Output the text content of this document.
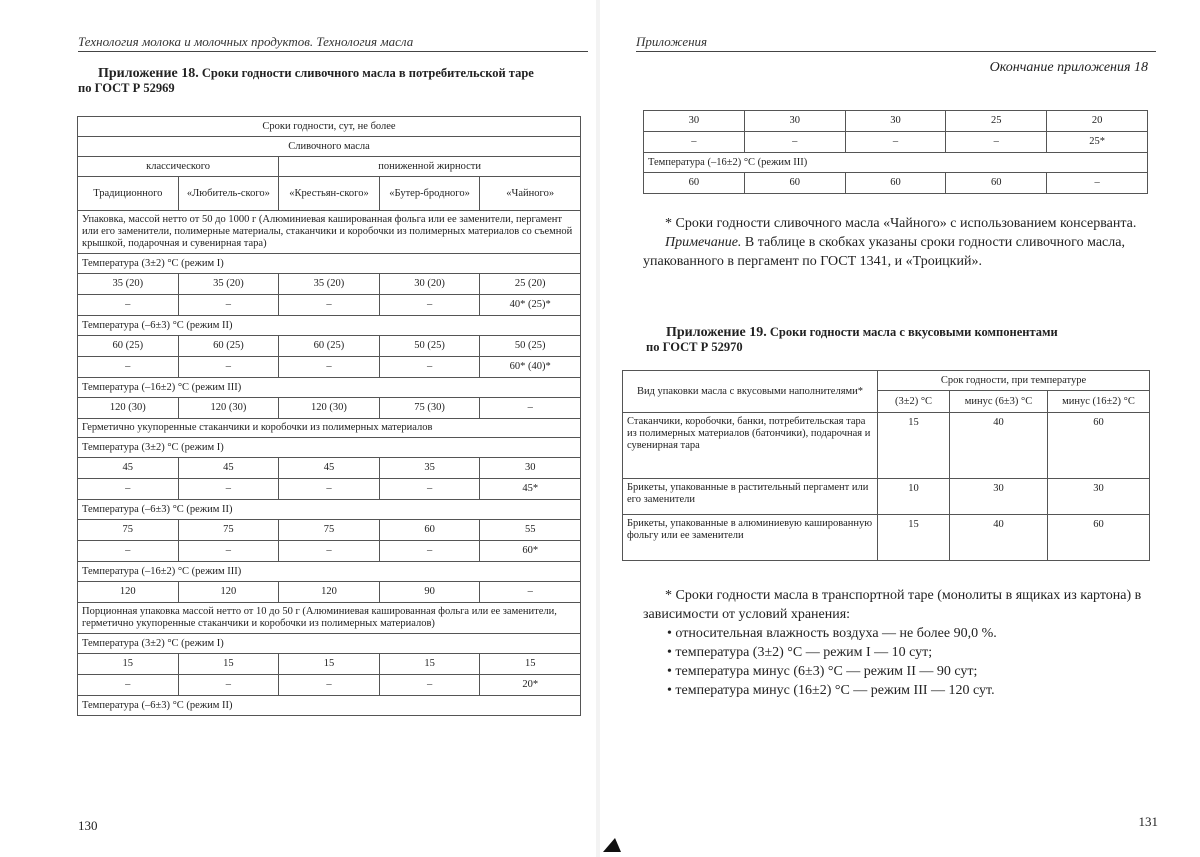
Технология молока и молочных продуктов. Технология масла
Приложение 18. Сроки годности сливочного масла в потребительской таре
по ГОСТ Р 52969
Сроки годности, сут, не более				
Сливочного масла				
классического		пониженной жирности		
Традиционного	«Любитель-ского»	«Крестьян-ского»	«Бутер-бродного»	«Чайного»
Упаковка, массой нетто от 50 до 1000 г (Алюминиевая кашированная фольга или ее заменители, пергамент или его заменители, полимерные материалы, стаканчики и коробочки из полимерных материалов со съемной крышкой, подарочная и сувенирная тара)				
Температура (3±2) °С (режим I)				
35 (20)	35 (20)	35 (20)	30 (20)	25 (20)
–	–	–	–	40* (25)*
Температура (–6±3) °С (режим II)				
60 (25)	60 (25)	60 (25)	50 (25)	50 (25)
–	–	–	–	60* (40)*
Температура (–16±2) °С (режим III)				
120 (30)	120 (30)	120 (30)	75 (30)	–
Герметично укупоренные стаканчики и коробочки из полимерных материалов				
Температура (3±2) °С (режим I)				
45	45	45	35	30
–	–	–	–	45*
Температура (–6±3) °С (режим II)				
75	75	75	60	55
–	–	–	–	60*
Температура (–16±2) °С (режим III)				
120	120	120	90	–
Порционная упаковка массой нетто от 10 до 50 г (Алюминиевая кашированная фольга или ее заменители, герметично укупоренные стаканчики и коробочки из полимерных материалов)				
Температура (3±2) °С (режим I)				
15	15	15	15	15
–	–	–	–	20*
Температура (–6±3) °С (режим II)				
130
Приложения
Окончание приложения 18
30	30	30	25	20
–	–	–	–	25*
Температура (–16±2) °С (режим III)				
60	60	60	60	–

* Сроки годности сливочного масла «Чайного» с использованием консерванта.

Примечание. В таблице в скобках указаны сроки годности сливочного масла, упакованного в пергамент по ГОСТ 1341, и «Троицкий».

Приложение 19. Сроки годности масла с вкусовыми компонентами
по ГОСТ Р 52970
Вид упаковки масла с вкусовыми наполнителями*	Срок годности, при температуре		
	(3±2) °С	минус (6±3) °С	минус (16±2) °С
Стаканчики, коробочки, банки, потребительская тара из полимерных материалов (батончики), подарочная и сувенирная тара	15	40	60
Брикеты, упакованные в растительный пергамент или его заменители	10	30	30
Брикеты, упакованные в алюминиевую кашированную фольгу или ее заменители	15	40	60

* Сроки годности масла в транспортной таре (монолиты в ящиках из картона) в зависимости от условий хранения:

• относительная влажность воздуха — не более 90,0 %.
• температура (3±2) °С — режим I — 10 сут;
• температура минус (6±3) °С — режим II — 90 сут;
• температура минус (16±2) °С — режим III — 120 сут.
131
